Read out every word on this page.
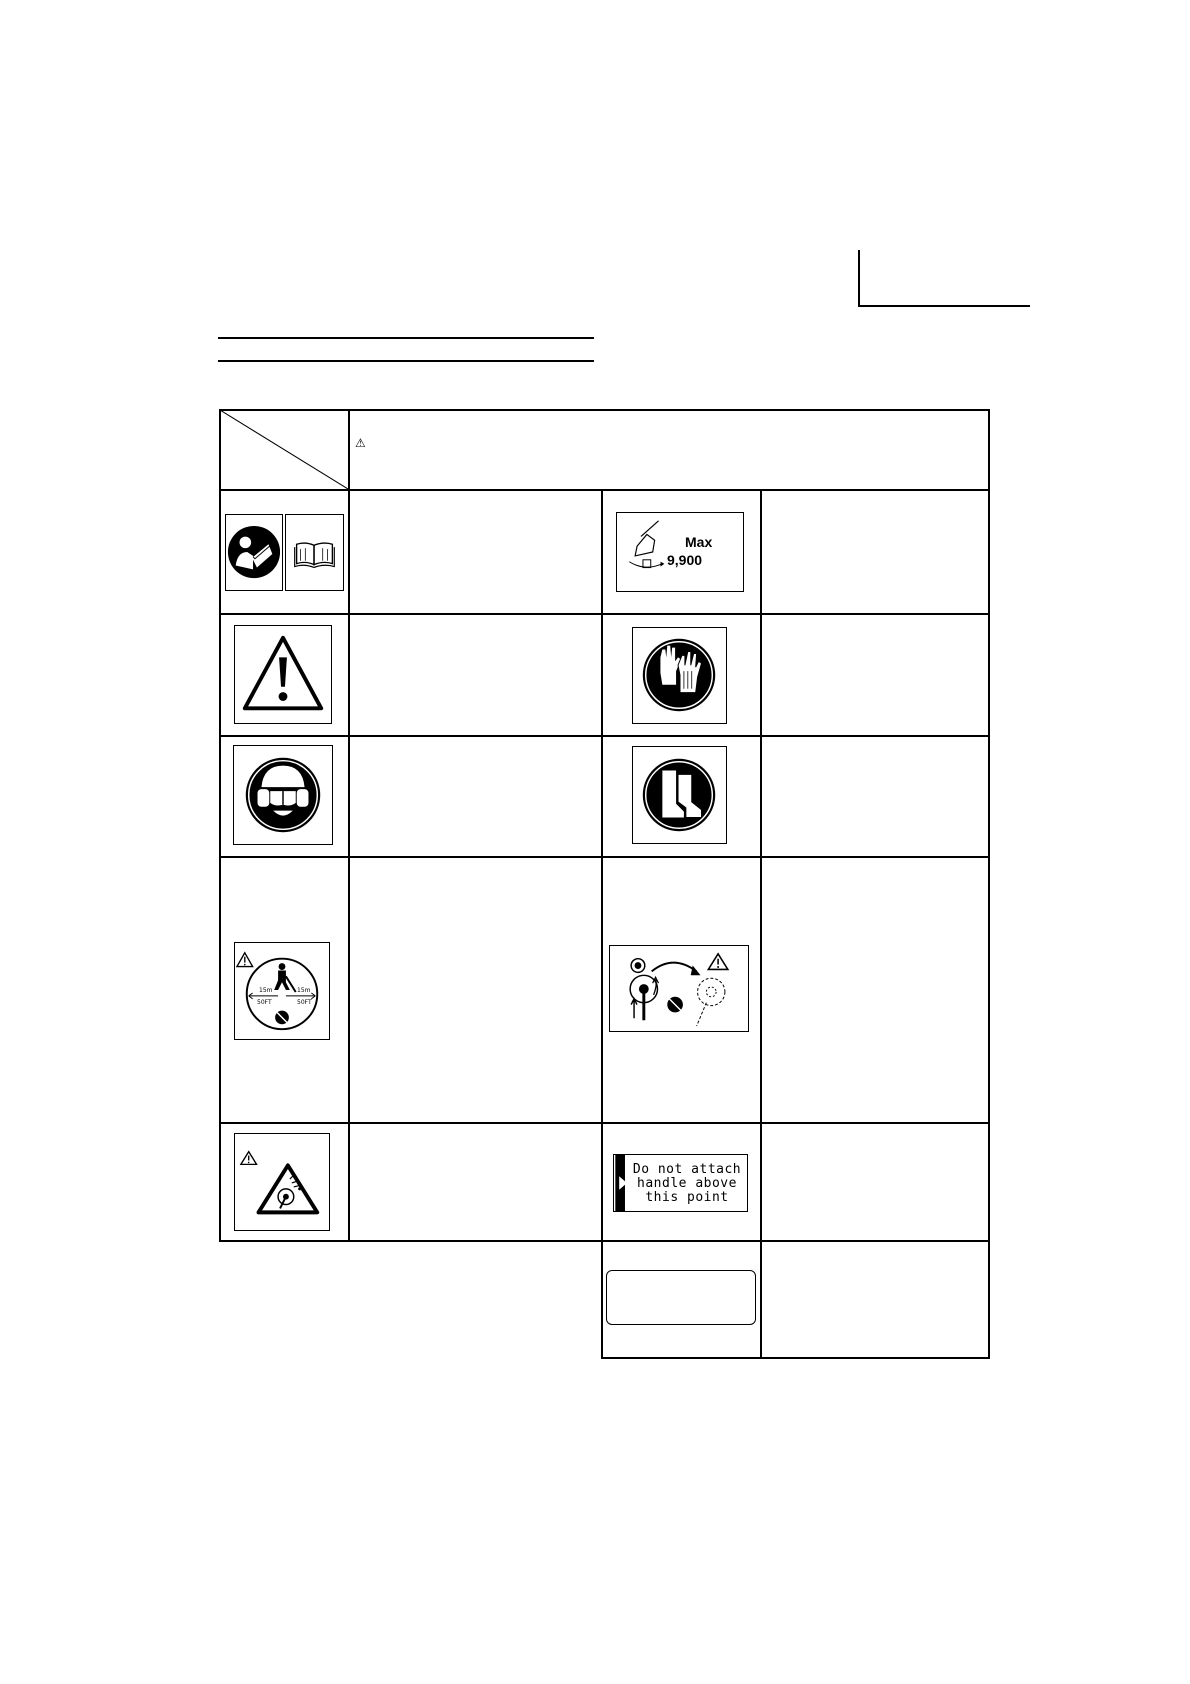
⚠
Max
9,900
15m
50FT
15m
50FT
Do not attach
handle above
this point
